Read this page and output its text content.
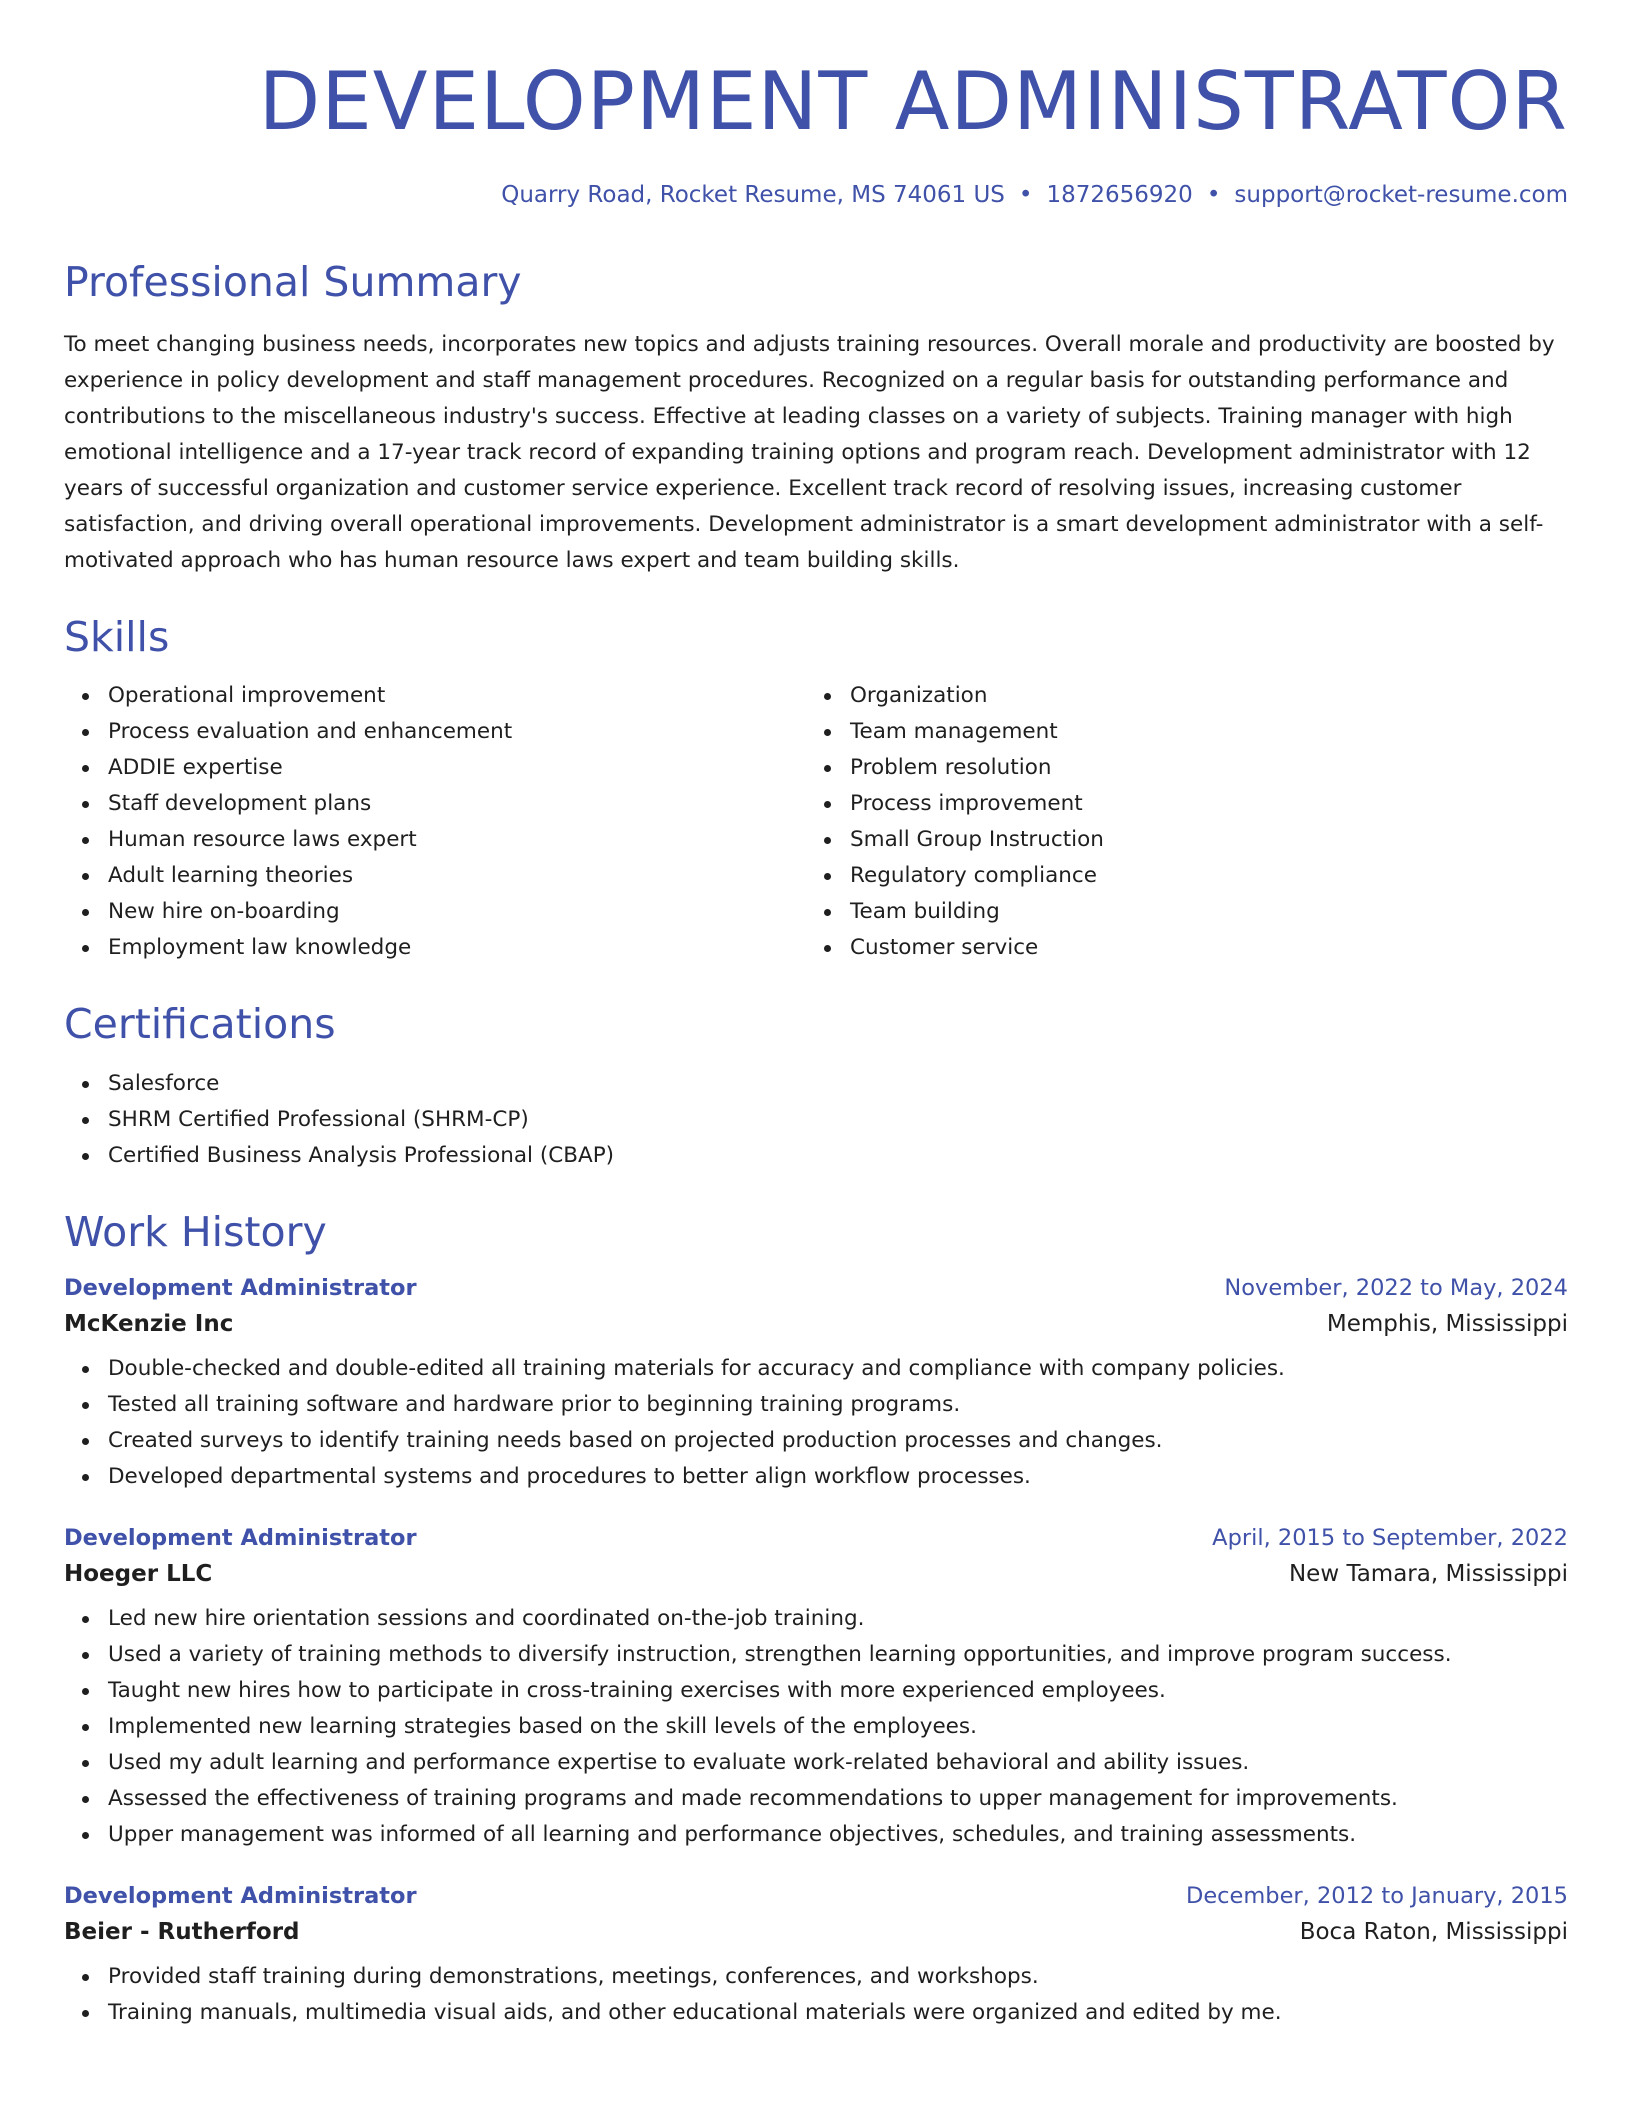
DEVELOPMENT ADMINISTRATOR
Quarry Road, Rocket Resume, MS 74061 US • 1872656920 • support@rocket-resume.com
Professional Summary

To meet changing business needs, incorporates new topics and adjusts training resources. Overall morale and productivity are boosted by experience in policy development and staff management procedures. Recognized on a regular basis for outstanding performance and contributions to the miscellaneous industry's success. Effective at leading classes on a variety of subjects. Training manager with high emotional intelligence and a 17-year track record of expanding training options and program reach. Development administrator with 12 years of successful organization and customer service experience. Excellent track record of resolving issues, increasing customer satisfaction, and driving overall operational improvements. Development administrator is a smart development administrator with a self-motivated approach who has human resource laws expert and team building skills.

Skills
Operational improvement
Process evaluation and enhancement
ADDIE expertise
Staff development plans
Human resource laws expert
Adult learning theories
New hire on-boarding
Employment law knowledge
Organization
Team management
Problem resolution
Process improvement
Small Group Instruction
Regulatory compliance
Team building
Customer service
Certifications
Salesforce
SHRM Certified Professional (SHRM-CP)
Certified Business Analysis Professional (CBAP)
Work History
Development Administrator	November, 2022 to May, 2024
McKenzie Inc	Memphis, Mississippi
Double-checked and double-edited all training materials for accuracy and compliance with company policies.
Tested all training software and hardware prior to beginning training programs.
Created surveys to identify training needs based on projected production processes and changes.
Developed departmental systems and procedures to better align workflow processes.
Development Administrator	April, 2015 to September, 2022
Hoeger LLC	New Tamara, Mississippi
Led new hire orientation sessions and coordinated on-the-job training.
Used a variety of training methods to diversify instruction, strengthen learning opportunities, and improve program success.
Taught new hires how to participate in cross-training exercises with more experienced employees.
Implemented new learning strategies based on the skill levels of the employees.
Used my adult learning and performance expertise to evaluate work-related behavioral and ability issues.
Assessed the effectiveness of training programs and made recommendations to upper management for improvements.
Upper management was informed of all learning and performance objectives, schedules, and training assessments.
Development Administrator	December, 2012 to January, 2015
Beier - Rutherford	Boca Raton, Mississippi
Provided staff training during demonstrations, meetings, conferences, and workshops.
Training manuals, multimedia visual aids, and other educational materials were organized and edited by me.
